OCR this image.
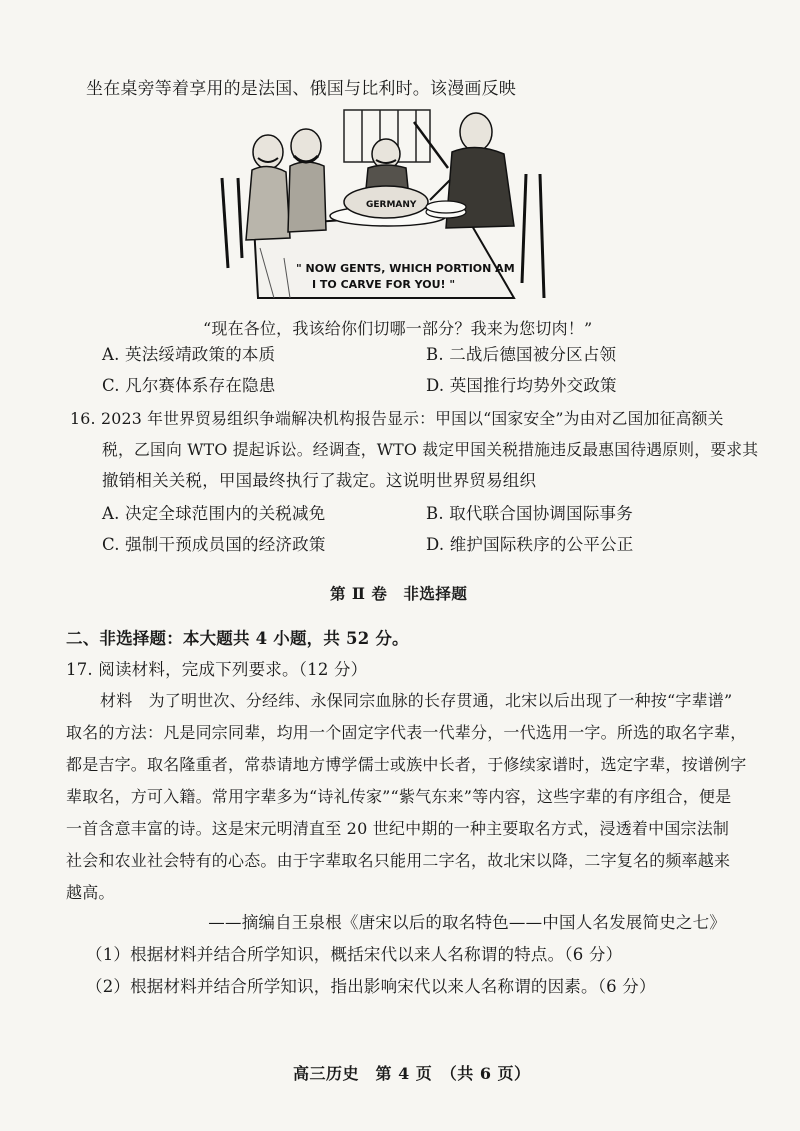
坐在桌旁等着享用的是法国、俄国与比利时。该漫画反映
GERMANY
" NOW GENTS, WHICH PORTION AM
I TO CARVE FOR YOU! "
“现在各位，我该给你们切哪一部分？我来为您切肉！”
A. 英法绥靖政策的本质	B. 二战后德国被分区占领
C. 凡尔赛体系存在隐患	D. 英国推行均势外交政策
16. 2023 年世界贸易组织争端解决机构报告显示：甲国以“国家安全”为由对乙国加征高额关
税，乙国向 WTO 提起诉讼。经调查，WTO 裁定甲国关税措施违反最惠国待遇原则，要求其
撤销相关关税，甲国最终执行了裁定。这说明世界贸易组织
A. 决定全球范围内的关税减免	B. 取代联合国协调国际事务
C. 强制干预成员国的经济政策	D. 维护国际秩序的公平公正
第 Ⅱ 卷　非选择题
二、非选择题：本大题共 4 小题，共 52 分。
17. 阅读材料，完成下列要求。（12 分）
材料　为了明世次、分经纬、永保同宗血脉的长存贯通，北宋以后出现了一种按“字辈谱”
取名的方法：凡是同宗同辈，均用一个固定字代表一代辈分，一代选用一字。所选的取名字辈，
都是吉字。取名隆重者，常恭请地方博学儒士或族中长者，于修续家谱时，选定字辈，按谱例字
辈取名，方可入籍。常用字辈多为“诗礼传家”“紫气东来”等内容，这些字辈的有序组合，便是
一首含意丰富的诗。这是宋元明清直至 20 世纪中期的一种主要取名方式，浸透着中国宗法制
社会和农业社会特有的心态。由于字辈取名只能用二字名，故北宋以降，二字复名的频率越来
越高。
——摘编自王泉根《唐宋以后的取名特色——中国人名发展简史之七》
（1）根据材料并结合所学知识，概括宋代以来人名称谓的特点。（6 分）
（2）根据材料并结合所学知识，指出影响宋代以来人名称谓的因素。（6 分）
高三历史　第 4 页　（共 6 页）
